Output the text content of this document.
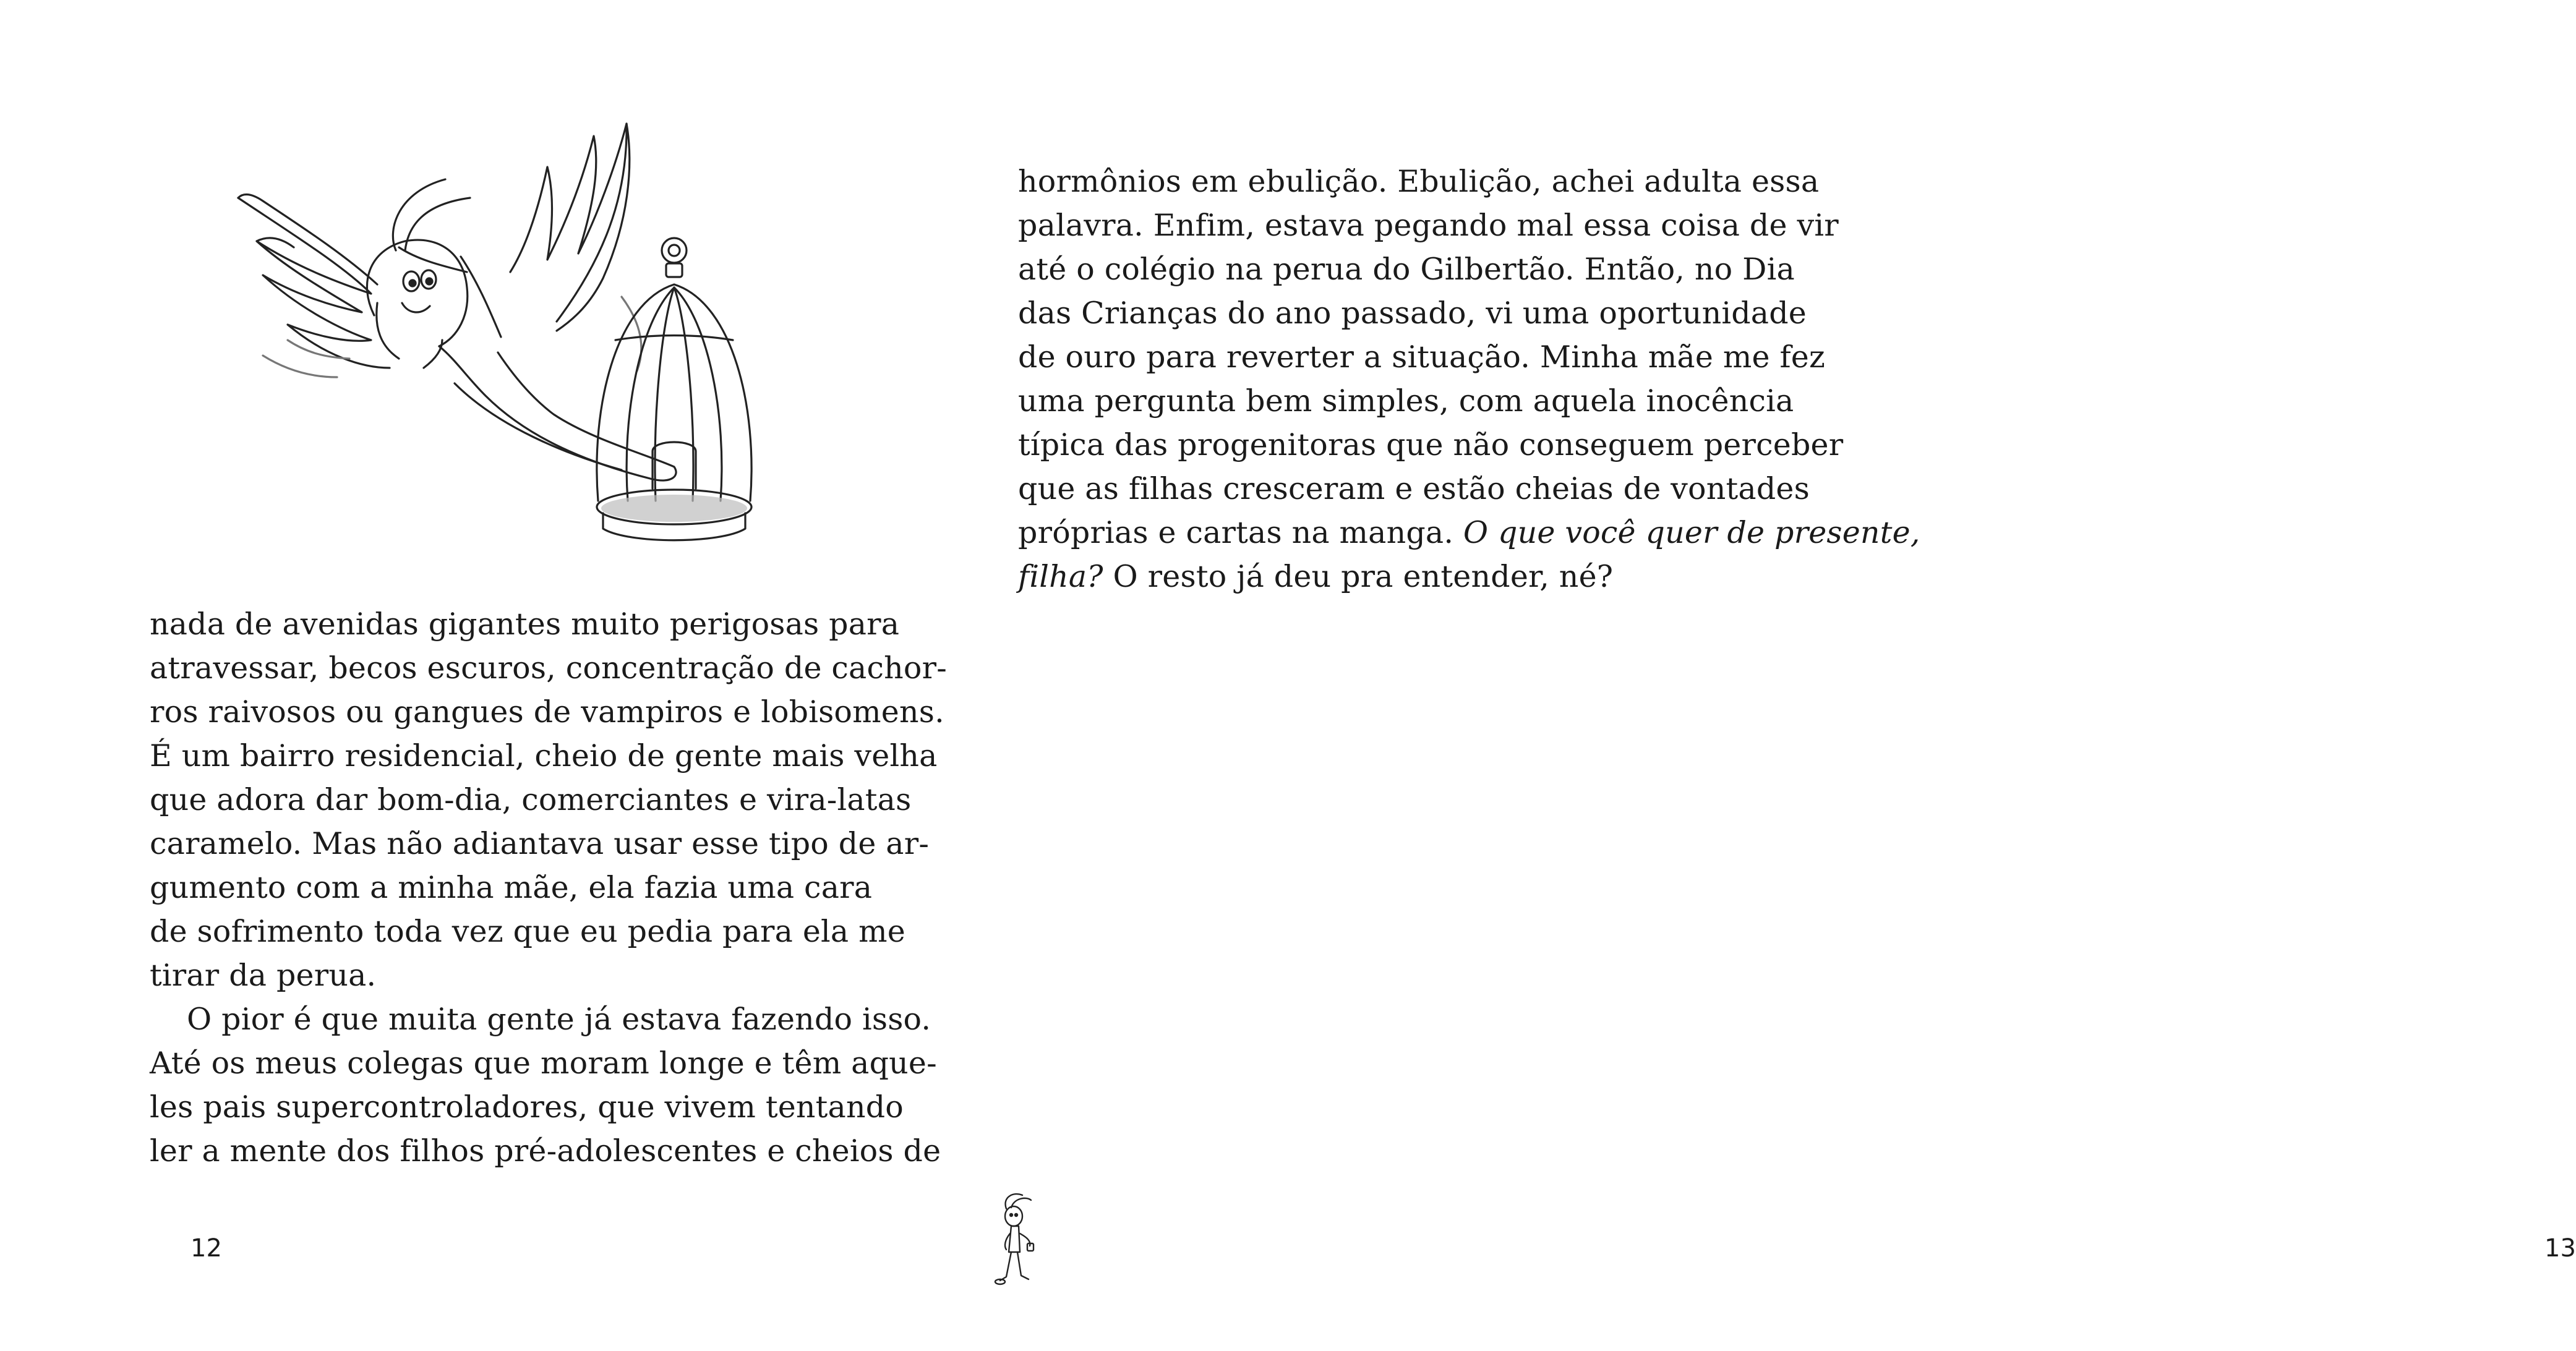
nada de avenidas gigantes muito perigosas para
atravessar, becos escuros, concentração de cachor-
ros raivosos ou gangues de vampiros e lobisomens.
É um bairro residencial, cheio de gente mais velha
que adora dar bom-dia, comerciantes e vira-latas
caramelo. Mas não adiantava usar esse tipo de ar-
gumento com a minha mãe, ela fazia uma cara
de sofrimento toda vez que eu pedia para ela me
tirar da perua.

O pior é que muita gente já estava fazendo isso.
Até os meus colegas que moram longe e têm aque-
les pais supercontroladores, que vivem tentando
ler a mente dos filhos pré-adolescentes e cheios de

12

hormônios em ebulição. Ebulição, achei adulta essa
palavra. Enfim, estava pegando mal essa coisa de vir
até o colégio na perua do Gilbertão. Então, no Dia
das Crianças do ano passado, vi uma oportunidade
de ouro para reverter a situação. Minha mãe me fez
uma pergunta bem simples, com aquela inocência
típica das progenitoras que não conseguem perceber
que as filhas cresceram e estão cheias de vontades
próprias e cartas na manga. O que você quer de presente,
filha? O resto já deu pra entender, né?

13
